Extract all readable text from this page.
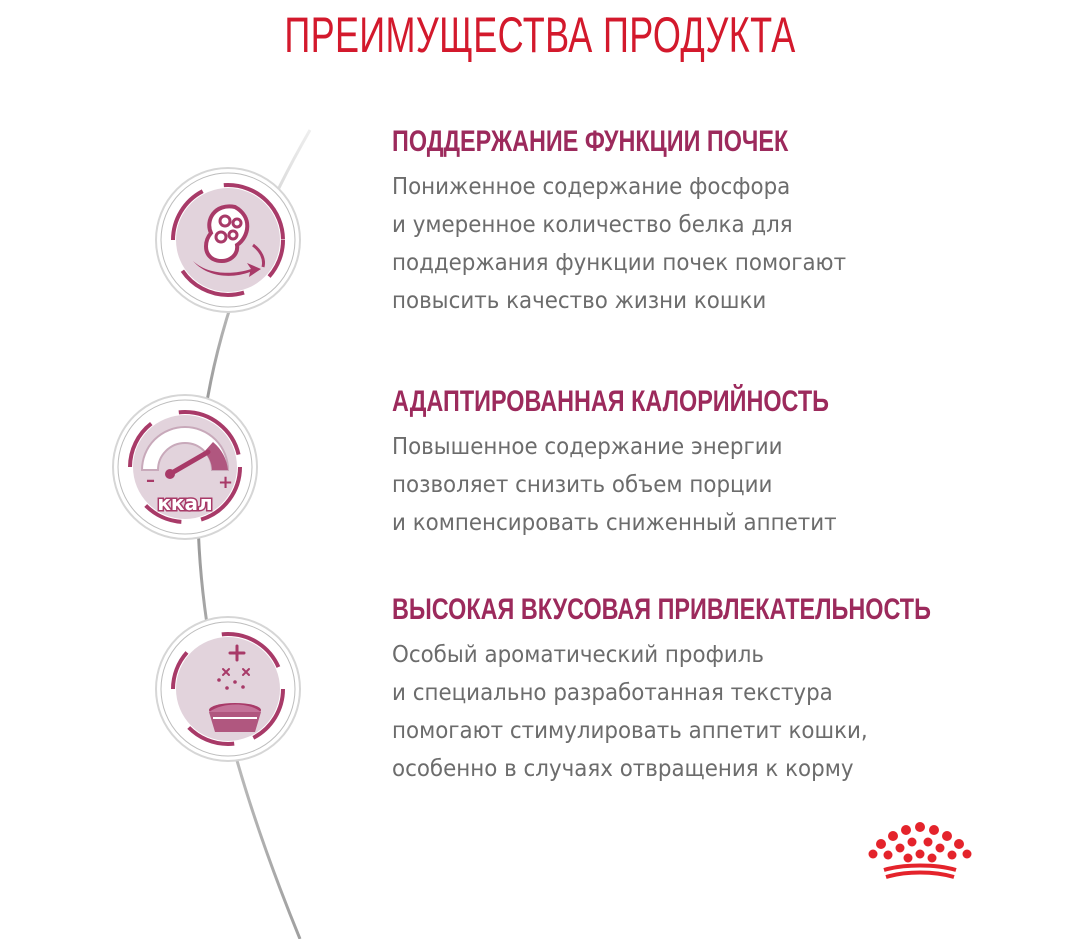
ПРЕИМУЩЕСТВА ПРОДУКТА
–	+
ккал
ПОДДЕРЖАНИЕ ФУНКЦИИ ПОЧЕК
Пониженное содержание фосфора
и умеренное количество белка для
поддержания функции почек помогают
повысить качество жизни кошки
АДАПТИРОВАННАЯ КАЛОРИЙНОСТЬ
Повышенное содержание энергии
позволяет снизить объем порции
и компенсировать сниженный аппетит
ВЫСОКАЯ ВКУСОВАЯ ПРИВЛЕКАТЕЛЬНОСТЬ
Особый ароматический профиль
и специально разработанная текстура
помогают стимулировать аппетит кошки,
особенно в случаях отвращения к корму
